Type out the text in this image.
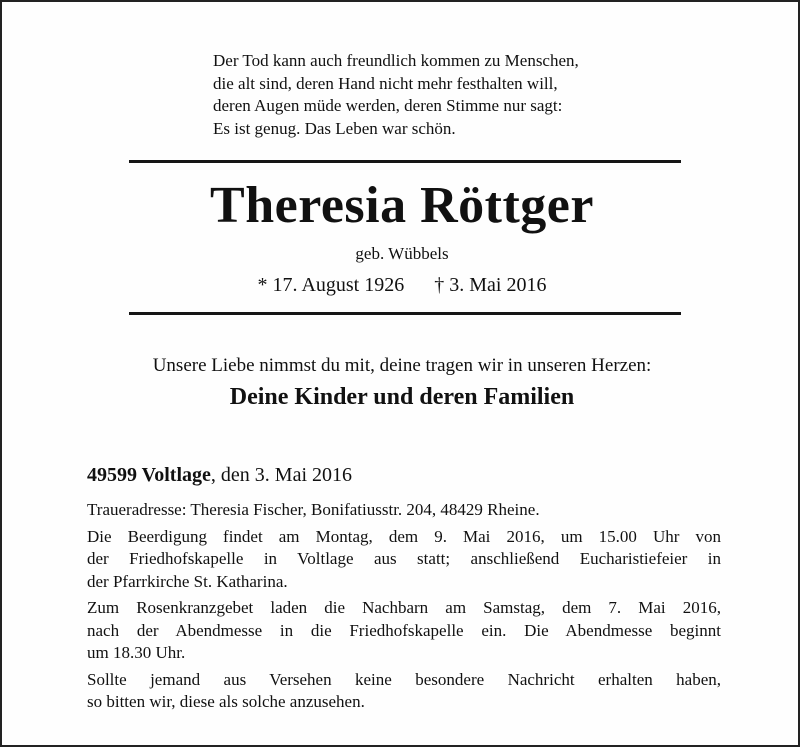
Der Tod kann auch freundlich kommen zu Menschen,
die alt sind, deren Hand nicht mehr festhalten will,
deren Augen müde werden, deren Stimme nur sagt:
Es ist genug. Das Leben war schön.
Theresia Röttger
geb. Wübbels
* 17. August 1926 † 3. Mai 2016
Unsere Liebe nimmst du mit, deine tragen wir in unseren Herzen:
Deine Kinder und deren Familien
49599 Voltlage, den 3. Mai 2016

Traueradresse: Theresia Fischer, Bonifatiusstr. 204, 48429 Rheine.

Die Beerdigung findet am Montag, dem 9. Mai 2016, um 15.00 Uhr von
der Friedhofskapelle in Voltlage aus statt; anschließend Eucharistiefeier in
der Pfarrkirche St. Katharina.

Zum Rosenkranzgebet laden die Nachbarn am Samstag, dem 7. Mai 2016,
nach der Abendmesse in die Friedhofskapelle ein. Die Abendmesse beginnt
um 18.30 Uhr.

Sollte jemand aus Versehen keine besondere Nachricht erhalten haben,
so bitten wir, diese als solche anzusehen.
